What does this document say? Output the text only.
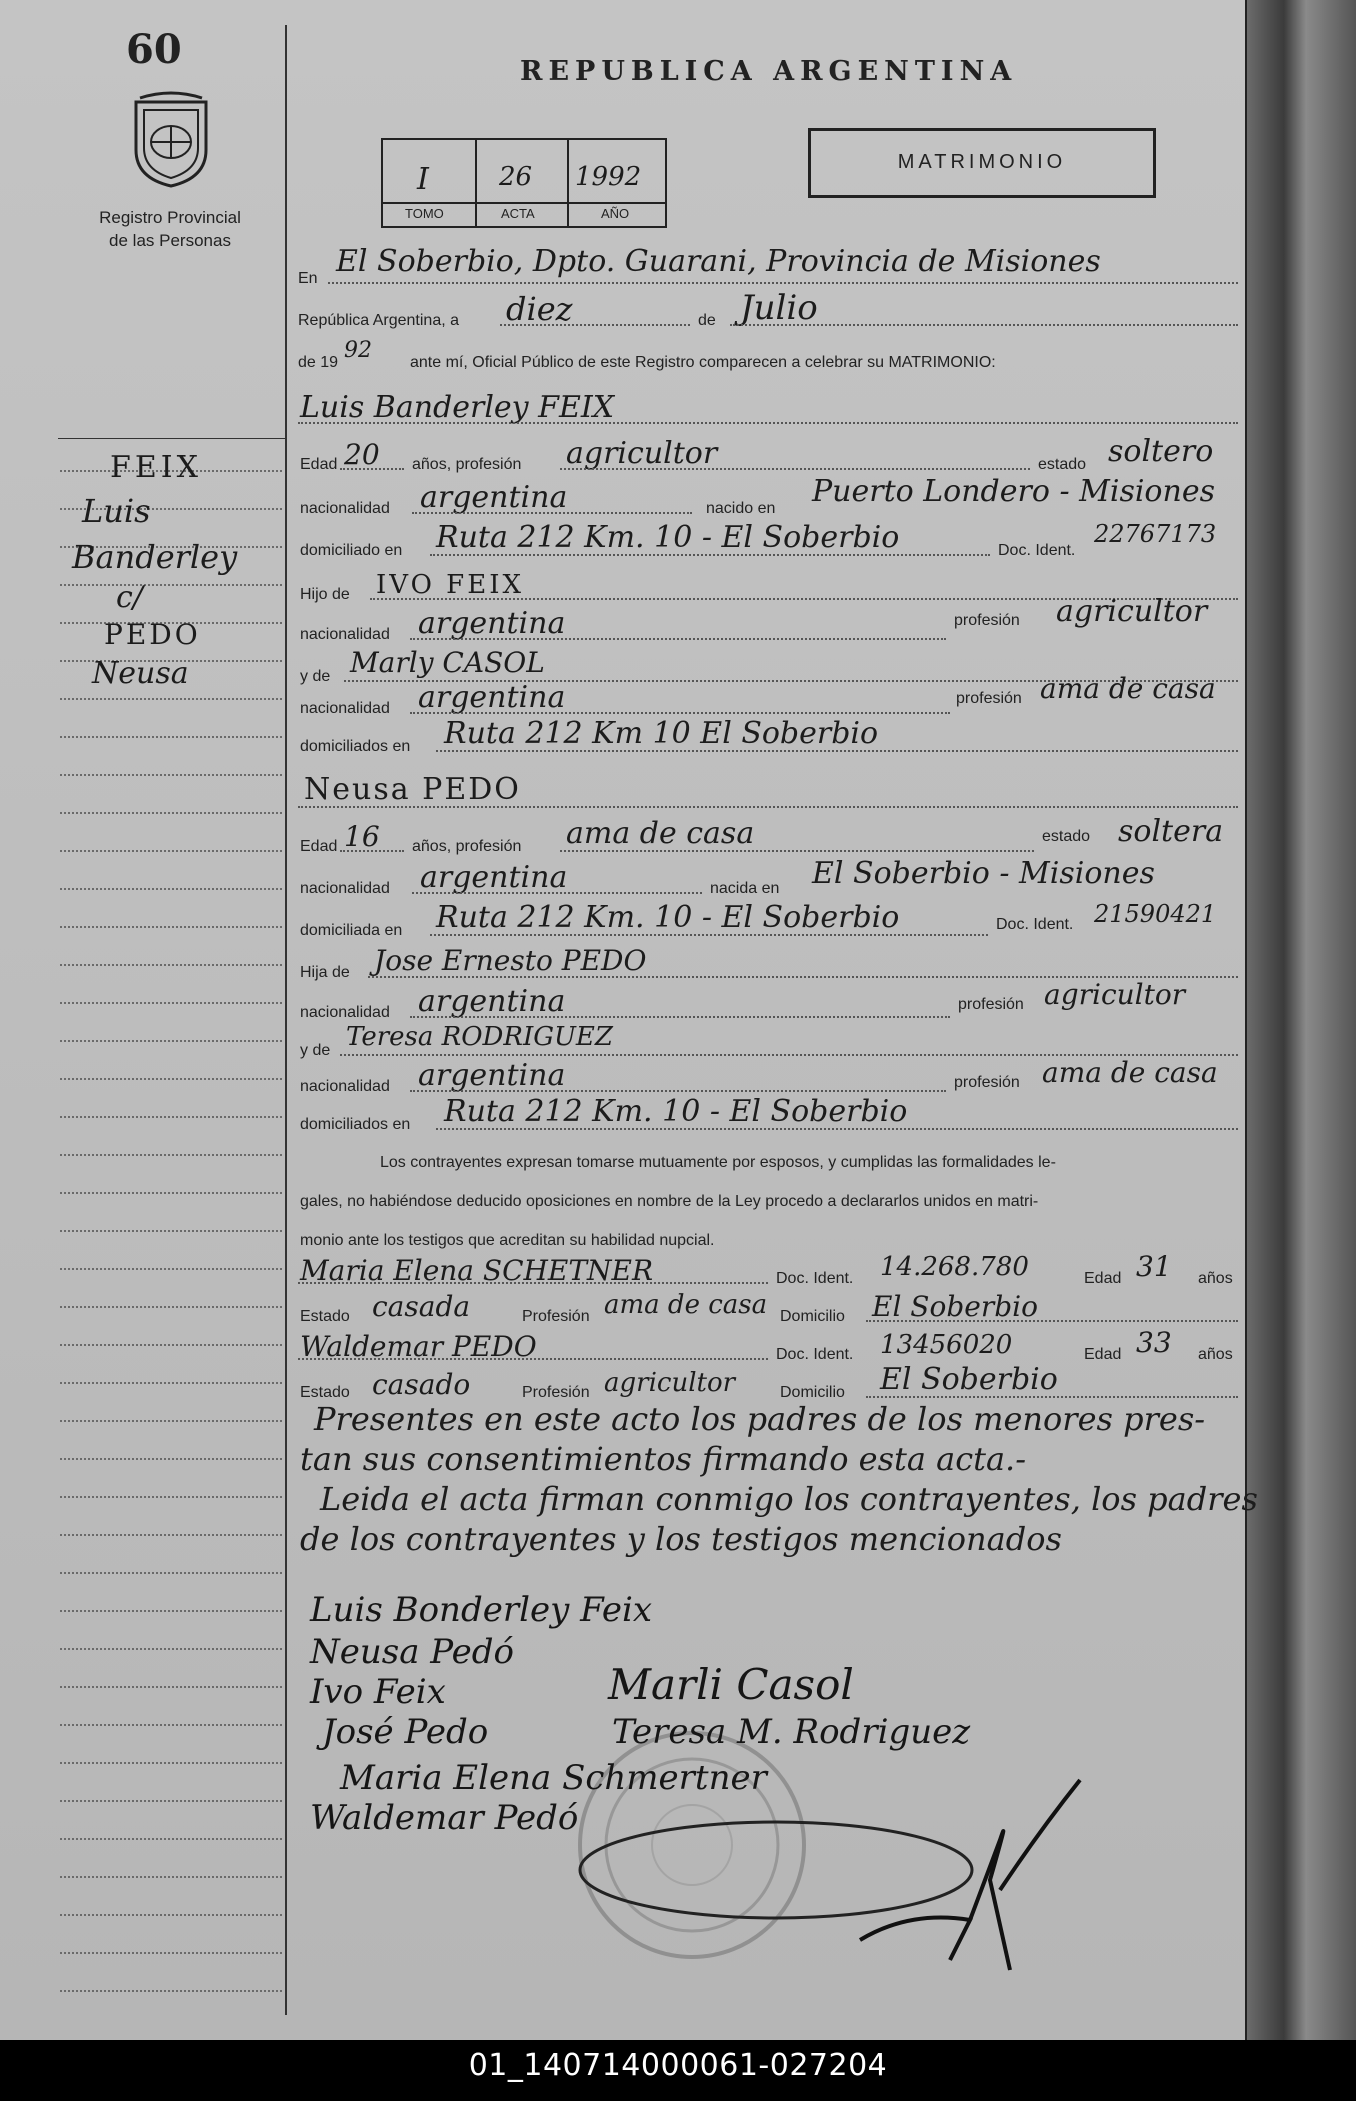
60
Registro Provincial
de las Personas
REPUBLICA ARGENTINA
I	26 1992
TOMO	ACTA	AÑO
MATRIMONIO
FEIX
Luis
Banderley
c/
PEDO
Neusa
En El Soberbio, Dpto. Guarani, Provincia de Misiones
República Argentina, a diez	de Julio
de 19 92 ante mí, Oficial Público de este Registro comparecen a celebrar su MATRIMONIO:
Luis Banderley FEIX
Edad 20 años, profesión agricultor	estado soltero
nacionalidad argentina	nacido en Puerto Londero - Misiones
domiciliado en Ruta 212 Km. 10 - El Soberbio	Doc. Ident.
22767173
Hijo de IVO FEIX
nacionalidad argentina	profesión agricultor
y de Marly CASOL
nacionalidad argentina	profesión ama de casa
domiciliados en Ruta 212 Km 10 El Soberbio
Neusa PEDO
Edad 16 años, profesión ama de casa	estado soltera
nacionalidad argentina	nacida en El Soberbio - Misiones
domiciliada en Ruta 212 Km. 10 - El Soberbio	Doc. Ident. 21590421
Hija de Jose Ernesto PEDO
nacionalidad argentina	profesión agricultor
y de Teresa RODRIGUEZ
nacionalidad argentina	profesión ama de casa
domiciliados en Ruta 212 Km. 10 - El Soberbio
Los contrayentes expresan tomarse mutuamente por esposos, y cumplidas las formalidades le-
gales, no habiéndose deducido oposiciones en nombre de la Ley procedo a declararlos unidos en matri-
monio ante los testigos que acreditan su habilidad nupcial.
Maria Elena SCHETNER	Doc. Ident. 14.268.780	Edad 31 años
Estado casada	Profesión ama de casa Domicilio El Soberbio
Waldemar PEDO	Doc. Ident. 13456020	Edad 33 años
Estado casado	Profesión agricultor	Domicilio El Soberbio
Presentes en este acto los padres de los menores pres-
tan sus consentimientos firmando esta acta.-
Leida el acta firman conmigo los contrayentes, los padres
de los contrayentes y los testigos mencionados
Luis Bonderley Feix
Neusa Pedó
Ivo Feix	Marli Casol
José Pedo	Teresa M. Rodriguez
Maria Elena Schmertner
Waldemar Pedó
01_140714000061-027204
